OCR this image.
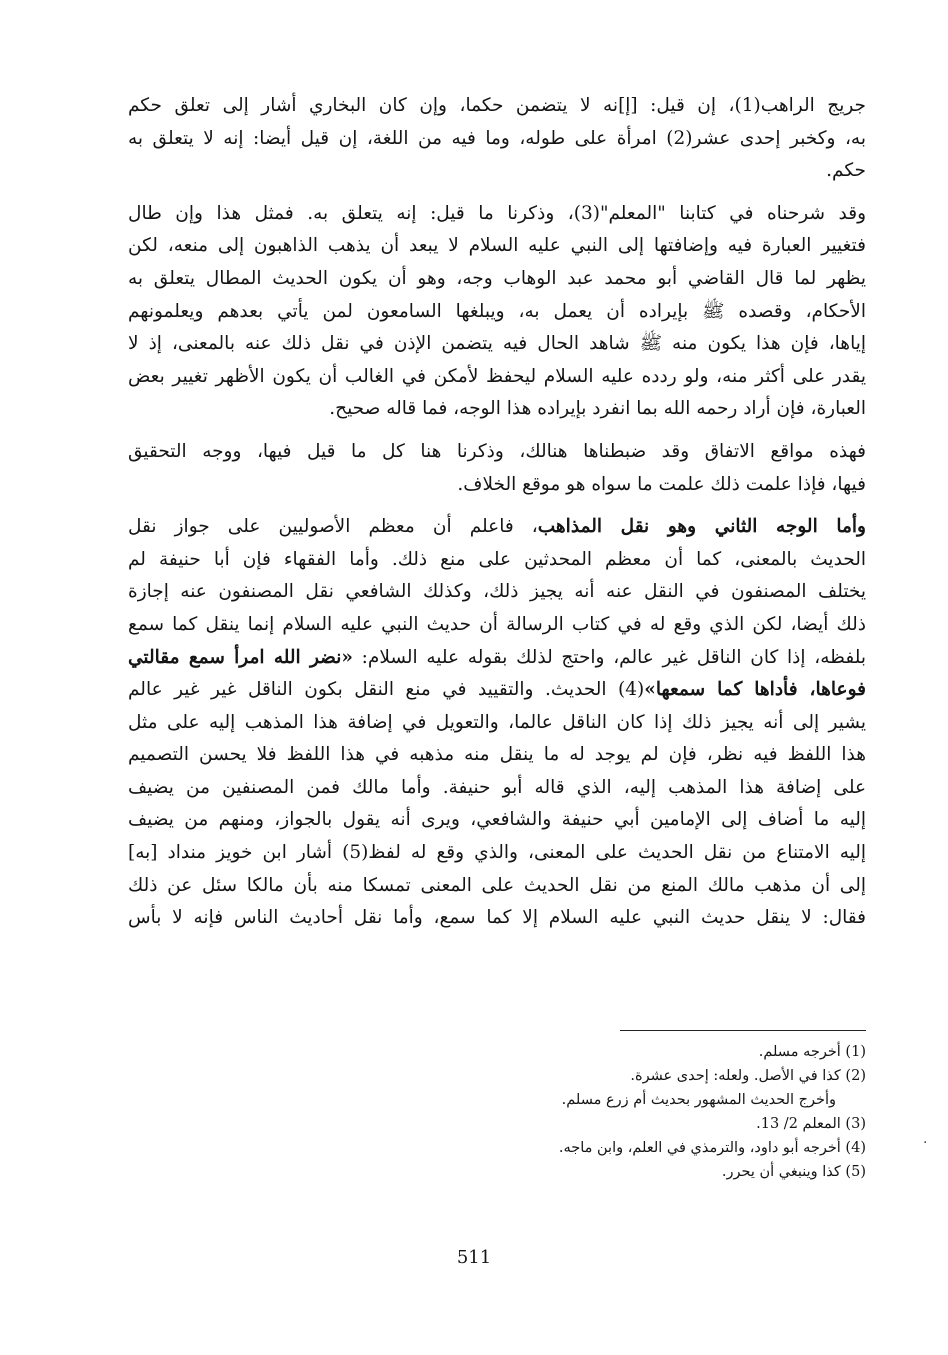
جريج الراهب(1)، إن قيل: [إ]نه لا يتضمن حكما، وإن كان البخاري أشار إلى تعلق حكم
به، وكخبر إحدى عشر(2) امرأة على طوله، وما فيه من اللغة، إن قيل أيضا: إنه لا يتعلق به
حكم.
وقد شرحناه في كتابنا "المعلم"(3)، وذكرنا ما قيل: إنه يتعلق به. فمثل هذا وإن طال
فتغيير العبارة فيه وإضافتها إلى النبي عليه السلام لا يبعد أن يذهب الذاهبون إلى منعه، لكن
يظهر لما قال القاضي أبو محمد عبد الوهاب وجه، وهو أن يكون الحديث المطال يتعلق به
الأحكام، وقصده ﷺ بإيراده أن يعمل به، ويبلغها السامعون لمن يأتي بعدهم ويعلمونهم
إياها، فإن هذا يكون منه ﷺ شاهد الحال فيه يتضمن الإذن في نقل ذلك عنه بالمعنى، إذ لا
يقدر على أكثر منه، ولو ردده عليه السلام ليحفظ لأمكن في الغالب أن يكون الأظهر تغيير بعض
العبارة، فإن أراد رحمه الله بما انفرد بإيراده هذا الوجه، فما قاله صحيح.
فهذه مواقع الاتفاق وقد ضبطناها هنالك، وذكرنا هنا كل ما قيل فيها، ووجه التحقيق
فيها، فإذا علمت ذلك علمت ما سواه هو موقع الخلاف.
وأما الوجه الثاني وهو نقل المذاهب، فاعلم أن معظم الأصوليين على جواز نقل
الحديث بالمعنى، كما أن معظم المحدثين على منع ذلك. وأما الفقهاء فإن أبا حنيفة لم
يختلف المصنفون في النقل عنه أنه يجيز ذلك، وكذلك الشافعي نقل المصنفون عنه إجازة
ذلك أيضا، لكن الذي وقع له في كتاب الرسالة أن حديث النبي عليه السلام إنما ينقل كما سمع
بلفظه، إذا كان الناقل غير عالم، واحتج لذلك بقوله عليه السلام: «نضر الله امرأ سمع مقالتي
فوعاها، فأداها كما سمعها»(4) الحديث. والتقييد في منع النقل بكون الناقل غير غير عالم
يشير إلى أنه يجيز ذلك إذا كان الناقل عالما، والتعويل في إضافة هذا المذهب إليه على مثل
هذا اللفظ فيه نظر، فإن لم يوجد له ما ينقل منه مذهبه في هذا اللفظ فلا يحسن التصميم
على إضافة هذا المذهب إليه، الذي قاله أبو حنيفة. وأما مالك فمن المصنفين من يضيف
إليه ما أضاف إلى الإمامين أبي حنيفة والشافعي، ويرى أنه يقول بالجواز، ومنهم من يضيف
إليه الامتناع من نقل الحديث على المعنى، والذي وقع له لفظ(5) أشار ابن خويز منداد [به]
إلى أن مذهب مالك المنع من نقل الحديث على المعنى تمسكا منه بأن مالكا سئل عن ذلك
فقال: لا ينقل حديث النبي عليه السلام إلا كما سمع، وأما نقل أحاديث الناس فإنه لا بأس
(1) أخرجه مسلم.
(2) كذا في الأصل. ولعله: إحدى عشرة.
وأخرج الحديث المشهور بحديث أم زرع مسلم.
(3) المعلم 2/ 13.
(4) أخرجه أبو داود، والترمذي في العلم، وابن ماجه.
(5) كذا وينبغي أن يحرر.
·
511
